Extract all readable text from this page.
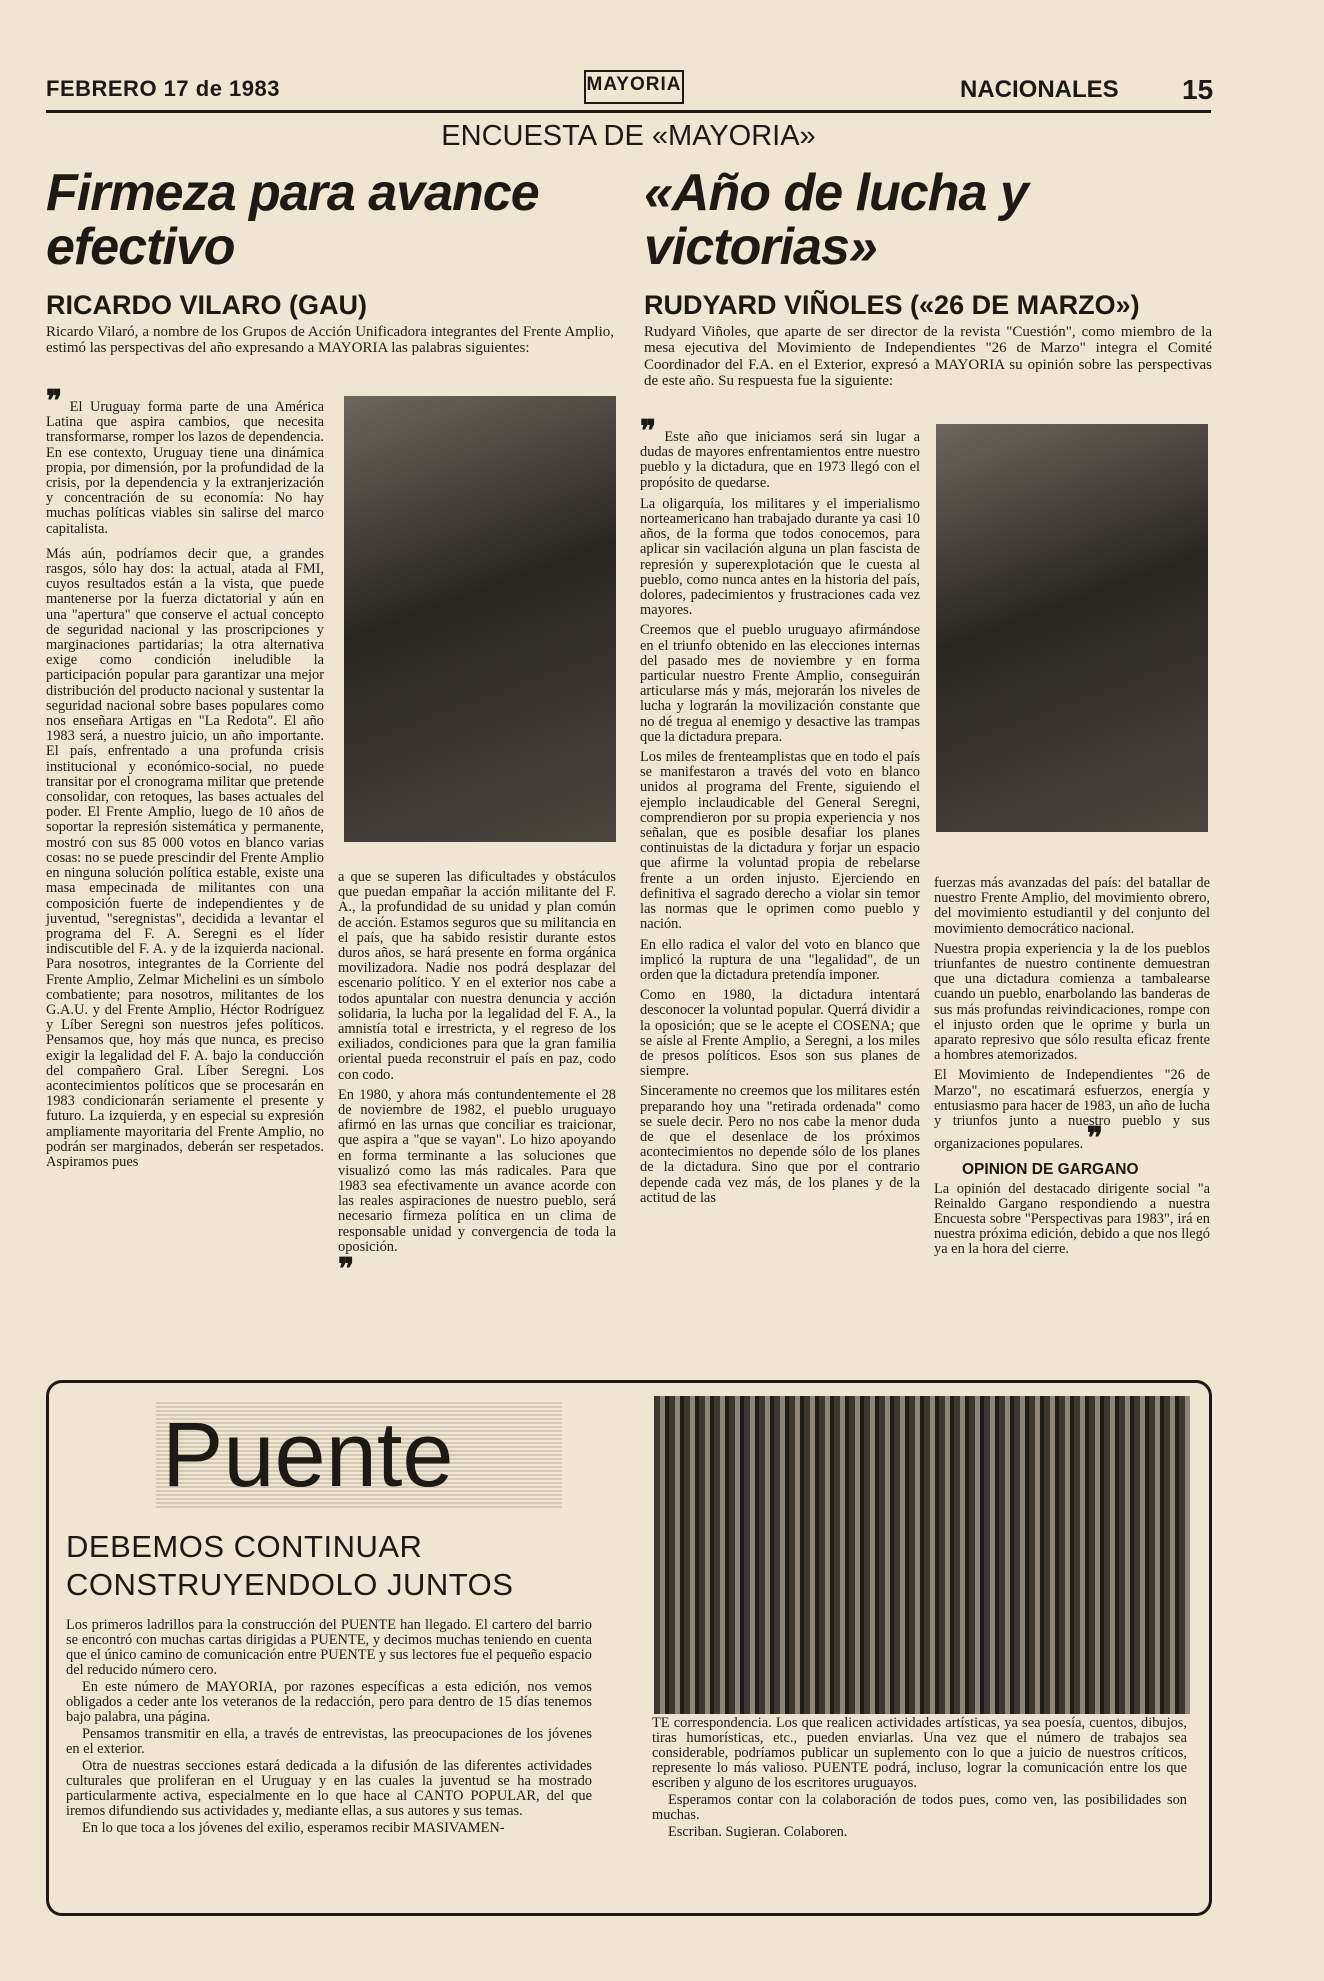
FEBRERO 17 de 1983	MAYORIA	NACIONALES 15
ENCUESTA DE «MAYORIA»
Firmeza para avance efectivo
RICARDO VILARO (GAU)
Ricardo Vilaró, a nombre de los Grupos de Acción Unificadora integrantes del Frente Amplio, estimó las perspectivas del año expresando a MAYORIA las palabras siguientes:
❞ El Uruguay forma parte de una América Latina que aspira cambios, que necesita transformarse, romper los lazos de dependencia. En ese contexto, Uruguay tiene una dinámica propia, por dimensión, por la profundidad de la crisis, por la dependencia y la extranjerización y concentración de su economía: No hay muchas políticas viables sin salirse del marco capitalista.

Más aún, podríamos decir que, a grandes rasgos, sólo hay dos: la actual, atada al FMI, cuyos resultados están a la vista, que puede mantenerse por la fuerza dictatorial y aún en una "apertura" que conserve el actual concepto de seguridad nacional y las proscripciones y marginaciones partidarias; la otra alternativa exige como condición ineludible la participación popular para garantizar una mejor distribución del producto nacional y sustentar la seguridad nacional sobre bases populares como nos enseñara Artigas en "La Redota". El año 1983 será, a nuestro juicio, un año importante. El país, enfrentado a una profunda crisis institucional y económico-social, no puede transitar por el cronograma militar que pretende consolidar, con retoques, las bases actuales del poder. El Frente Amplio, luego de 10 años de soportar la represión sistemática y permanente, mostró con sus 85 000 votos en blanco varias cosas: no se puede prescindir del Frente Amplio en ninguna solución política estable, existe una masa empecinada de militantes con una composición fuerte de independientes y de juventud, "seregnistas", decidida a levantar el programa del F. A. Seregni es el líder indiscutible del F. A. y de la izquierda nacional. Para nosotros, integrantes de la Corriente del Frente Amplio, Zelmar Michelini es un símbolo combatiente; para nosotros, militantes de los G.A.U. y del Frente Amplio, Héctor Rodríguez y Líber Seregni son nuestros jefes políticos. Pensamos que, hoy más que nunca, es preciso exigir la legalidad del F. A. bajo la conducción del compañero Gral. Líber Seregni. Los acontecimientos políticos que se procesarán en 1983 condicionarán seriamente el presente y futuro. La izquierda, y en especial su expresión ampliamente mayoritaria del Frente Amplio, no podrán ser marginados, deberán ser respetados. Aspiramos pues

a que se superen las dificultades y obstáculos que puedan empañar la acción militante del F. A., la profundidad de su unidad y plan común de acción. Estamos seguros que su militancia en el país, que ha sabido resistir durante estos duros años, se hará presente en forma orgánica movilizadora. Nadie nos podrá desplazar del escenario político. Y en el exterior nos cabe a todos apuntalar con nuestra denuncia y acción solidaria, la lucha por la legalidad del F. A., la amnistía total e irrestricta, y el regreso de los exiliados, condiciones para que la gran familia oriental pueda reconstruir el país en paz, codo con codo.

En 1980, y ahora más contundentemente el 28 de noviembre de 1982, el pueblo uruguayo afirmó en las urnas que conciliar es traicionar, que aspira a "que se vayan". Lo hizo apoyando en forma terminante a las soluciones que visualizó como las más radicales. Para que 1983 sea efectivamente un avance acorde con las reales aspiraciones de nuestro pueblo, será necesario firmeza política en un clima de responsable unidad y convergencia de toda la oposición.

❞
«Año de lucha y victorias»
RUDYARD VIÑOLES («26 DE MARZO»)
Rudyard Viñoles, que aparte de ser director de la revista "Cuestión", como miembro de la mesa ejecutiva del Movimiento de Independientes "26 de Marzo" integra el Comité Coordinador del F.A. en el Exterior, expresó a MAYORIA su opinión sobre las perspectivas de este año. Su respuesta fue la siguiente:
❞ Este año que iniciamos será sin lugar a dudas de mayores enfrentamientos entre nuestro pueblo y la dictadura, que en 1973 llegó con el propósito de quedarse.

La oligarquía, los militares y el imperialismo norteamericano han trabajado durante ya casi 10 años, de la forma que todos conocemos, para aplicar sin vacilación alguna un plan fascista de represión y superexplotación que le cuesta al pueblo, como nunca antes en la historia del país, dolores, padecimientos y frustraciones cada vez mayores.

Creemos que el pueblo uruguayo afirmándose en el triunfo obtenido en las elecciones internas del pasado mes de noviembre y en forma particular nuestro Frente Amplio, conseguirán articularse más y más, mejorarán los niveles de lucha y lograrán la movilización constante que no dé tregua al enemigo y desactive las trampas que la dictadura prepara.

Los miles de frenteamplistas que en todo el país se manifestaron a través del voto en blanco unidos al programa del Frente, siguiendo el ejemplo inclaudicable del General Seregni, comprendieron por su propia experiencia y nos señalan, que es posible desafiar los planes continuistas de la dictadura y forjar un espacio que afirme la voluntad propia de rebelarse frente a un orden injusto. Ejerciendo en definitiva el sagrado derecho a violar sin temor las normas que le oprimen como pueblo y nación.

En ello radica el valor del voto en blanco que implicó la ruptura de una "legalidad", de un orden que la dictadura pretendía imponer.

Como en 1980, la dictadura intentará desconocer la voluntad popular. Querrá dividir a la oposición; que se le acepte el COSENA; que se aísle al Frente Amplio, a Seregni, a los miles de presos políticos. Esos son sus planes de siempre.

Sinceramente no creemos que los militares estén preparando hoy una "retirada ordenada" como se suele decir. Pero no nos cabe la menor duda de que el desenlace de los próximos acontecimientos no depende sólo de los planes de la dictadura. Sino que por el contrario depende cada vez más, de los planes y de la actitud de las

fuerzas más avanzadas del país: del batallar de nuestro Frente Amplio, del movimiento obrero, del movimiento estudiantil y del conjunto del movimiento democrático nacional.

Nuestra propia experiencia y la de los pueblos triunfantes de nuestro continente demuestran que una dictadura comienza a tambalearse cuando un pueblo, enarbolando las banderas de sus más profundas reivindicaciones, rompe con el injusto orden que le oprime y burla un aparato represivo que sólo resulta eficaz frente a hombres atemorizados.

El Movimiento de Independientes "26 de Marzo", no escatimará esfuerzos, energía y entusiasmo para hacer de 1983, un año de lucha y triunfos junto a nuestro pueblo y sus organizaciones populares. ❞
OPINION DE GARGANO

La opinión del destacado dirigente social "a Reinaldo Gargano respondiendo a nuestra Encuesta sobre "Perspectivas para 1983", irá en nuestra próxima edición, debido a que nos llegó ya en la hora del cierre.

Puente
DEBEMOS CONTINUAR CONSTRUYENDOLO JUNTOS

Los primeros ladrillos para la construcción del PUENTE han llegado. El cartero del barrio se encontró con muchas cartas dirigidas a PUENTE, y decimos muchas teniendo en cuenta que el único camino de comunicación entre PUENTE y sus lectores fue el pequeño espacio del reducido número cero.

En este número de MAYORIA, por razones específicas a esta edición, nos vemos obligados a ceder ante los veteranos de la redacción, pero para dentro de 15 días tenemos bajo palabra, una página.

Pensamos transmitir en ella, a través de entrevistas, las preocupaciones de los jóvenes en el exterior.

Otra de nuestras secciones estará dedicada a la difusión de las diferentes actividades culturales que proliferan en el Uruguay y en las cuales la juventud se ha mostrado particularmente activa, especialmente en lo que hace al CANTO POPULAR, del que iremos difundiendo sus actividades y, mediante ellas, a sus autores y sus temas.

En lo que toca a los jóvenes del exilio, esperamos recibir MASIVAMEN-

TE correspondencia. Los que realicen actividades artísticas, ya sea poesía, cuentos, dibujos, tiras humorísticas, etc., pueden enviarlas. Una vez que el número de trabajos sea considerable, podríamos publicar un suplemento con lo que a juicio de nuestros críticos, represente lo más valioso. PUENTE podrá, incluso, lograr la comunicación entre los que escriben y alguno de los escritores uruguayos.

Esperamos contar con la colaboración de todos pues, como ven, las posibilidades son muchas.

Escriban. Sugieran. Colaboren.
